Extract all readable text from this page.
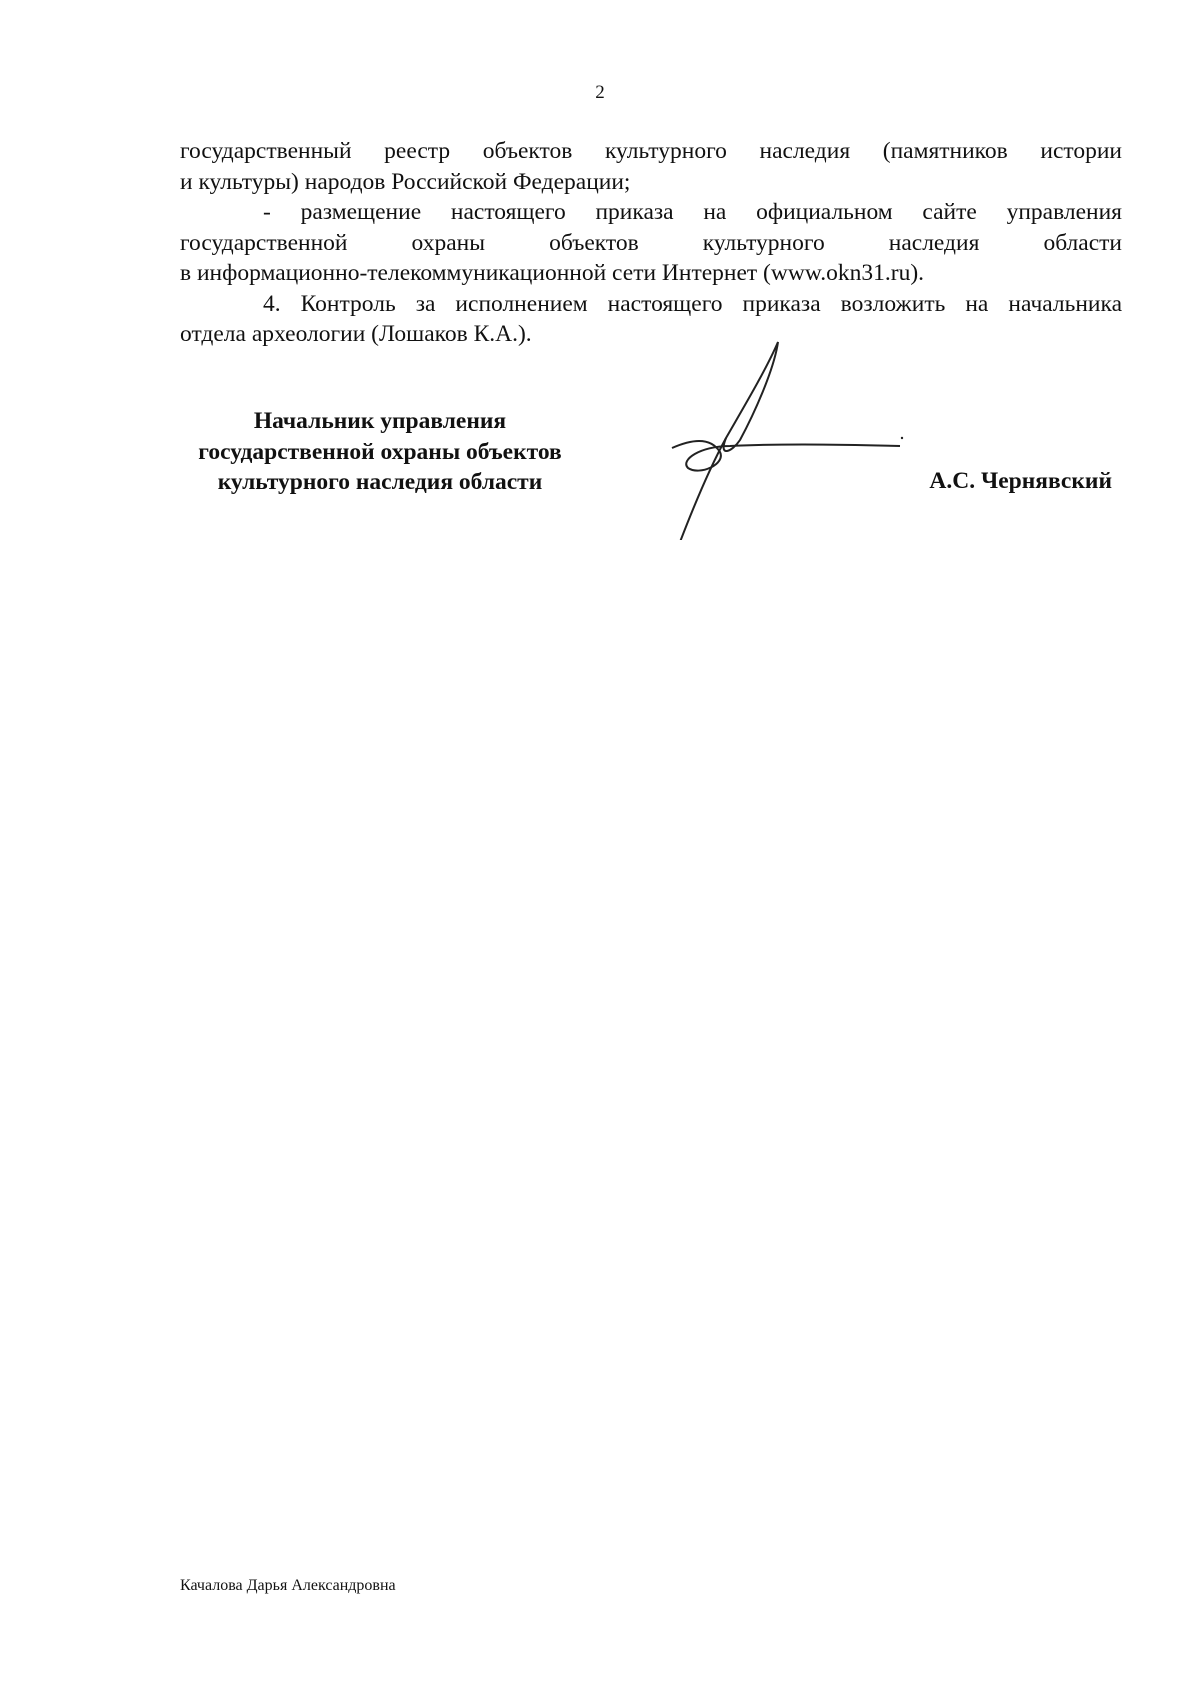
2

государственный реестр объектов культурного наследия (памятников истории

и культуры) народов Российской Федерации;

- размещение настоящего приказа на официальном сайте управления

государственной охраны объектов культурного наследия области

в информационно-телекоммуникационной сети Интернет (www.okn31.ru).

4. Контроль за исполнением настоящего приказа возложить на начальника

отдела археологии (Лошаков К.А.).

Начальник управления
государственной охраны объектов
культурного наследия области	А.С. Чернявский
Качалова Дарья Александровна
